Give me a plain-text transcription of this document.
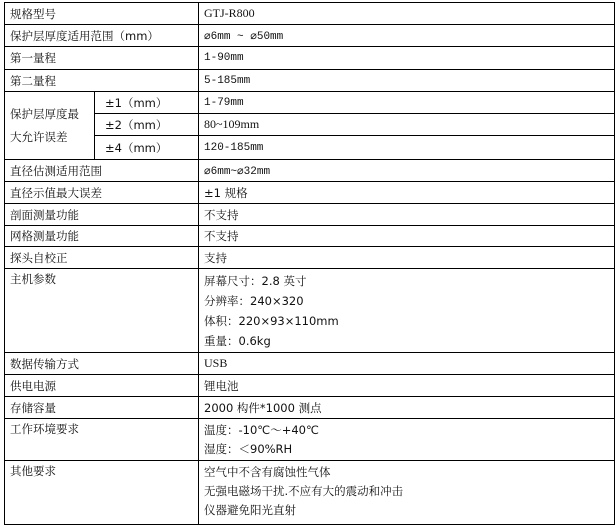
规格型号		GTJ-R800
保护层厚度适用范围（mm）		⌀6mm ~ ⌀50mm
第一量程		1-90mm
第二量程		5-185mm

保护层厚度最
大允许误差	±1（mm）	1-79mm
	±2（mm）	80~109mm
	±4（mm）	120-185mm
直径估测适用范围		⌀6mm~⌀32mm
直径示值最大误差		±1 规格
剖面测量功能		不支持
网格测量功能		不支持
探头自校正		支持
主机参数		屏幕尺寸：2.8 英寸
分辨率：240×320
体积：220×93×110mm
重量：0.6kg

数据传输方式		USB
供电电源		锂电池
存储容量		2000 构件*1000 测点
工作环境要求		温度：-10℃～+40℃
湿度：＜90%RH

其他要求		空气中不含有腐蚀性气体
无强电磁场干扰.不应有大的震动和冲击
仪器避免阳光直射
